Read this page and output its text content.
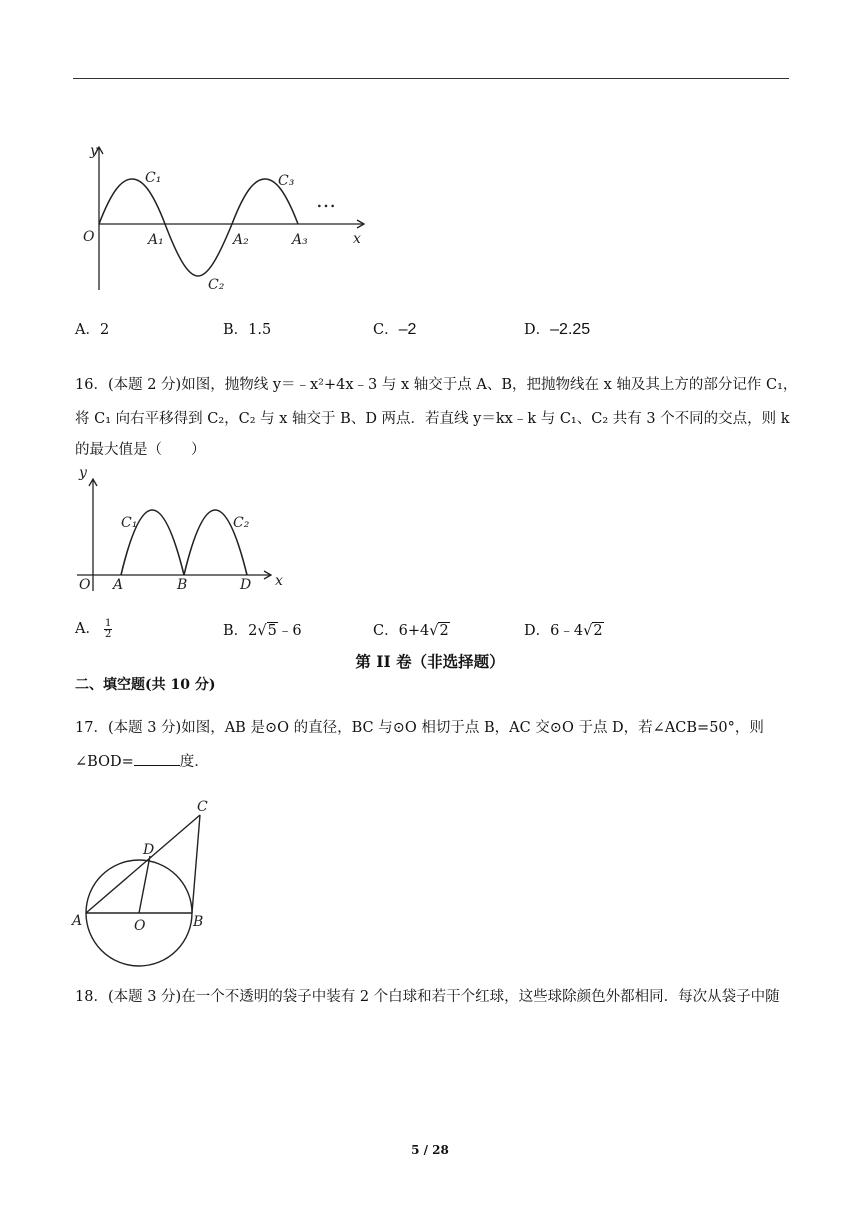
y
O	x
C₁
C₂
C₃
A₁	A₂	A₃
…
A．2	B．1.5	C．–2	D．–2.25
16．(本题 2 分)如图，抛物线 y＝﹣x²+4x﹣3 与 x 轴交于点 A、B，把抛物线在 x 轴及其上方的部分记作 C₁，
将 C₁ 向右平移得到 C₂，C₂ 与 x 轴交于 B、D 两点．若直线 y＝kx﹣k 与 C₁、C₂ 共有 3 个不同的交点，则 k
的最大值是（　　）
y
O	x
A	B	D
C₁	C₂
A． $\frac{1}{2}$	B．2√5﹣6	C．6+4√2	D．6﹣4√2
第 II 卷（非选择题）
二、填空题(共 10 分)
17．(本题 3 分)如图，AB 是⊙O 的直径，BC 与⊙O 相切于点 B，AC 交⊙O 于点 D，若∠ACB=50°，则
∠BOD=	度．
C
D
A	O	B
18．(本题 3 分)在一个不透明的袋子中装有 2 个白球和若干个红球，这些球除颜色外都相同．每次从袋子中随
5 / 28
